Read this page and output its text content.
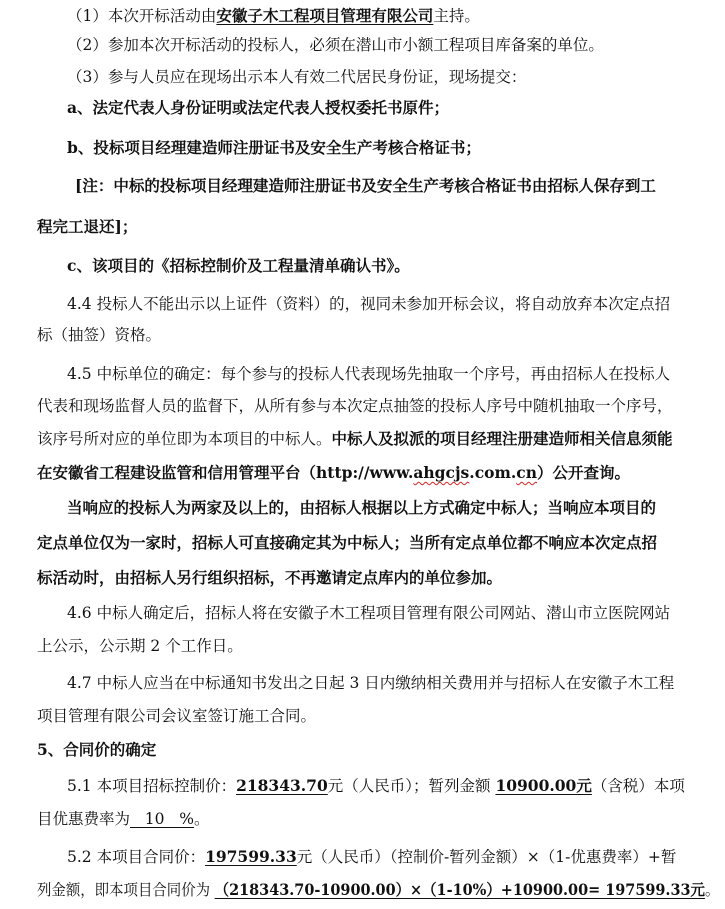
（1）本次开标活动由安徽子木工程项目管理有限公司主持。
（2）参加本次开标活动的投标人，必须在潜山市小额工程项目库备案的单位。
（3）参与人员应在现场出示本人有效二代居民身份证，现场提交：
a、法定代表人身份证明或法定代表人授权委托书原件；
b、投标项目经理建造师注册证书及安全生产考核合格证书；
[注：中标的投标项目经理建造师注册证书及安全生产考核合格证书由招标人保存到工
程完工退还]；
c、该项目的《招标控制价及工程量清单确认书》。
4.4 投标人不能出示以上证件（资料）的，视同未参加开标会议，将自动放弃本次定点招
标（抽签）资格。
4.5 中标单位的确定：每个参与的投标人代表现场先抽取一个序号，再由招标人在投标人
代表和现场监督人员的监督下，从所有参与本次定点抽签的投标人序号中随机抽取一个序号，
该序号所对应的单位即为本项目的中标人。中标人及拟派的项目经理注册建造师相关信息须能
在安徽省工程建设监管和信用管理平台（http://www.ahgcjs.com.cn）公开查询。
当响应的投标人为两家及以上的，由招标人根据以上方式确定中标人；当响应本项目的
定点单位仅为一家时，招标人可直接确定其为中标人；当所有定点单位都不响应本次定点招
标活动时，由招标人另行组织招标，不再邀请定点库内的单位参加。
4.6 中标人确定后，招标人将在安徽子木工程项目管理有限公司网站、潜山市立医院网站
上公示，公示期 2 个工作日。
4.7 中标人应当在中标通知书发出之日起 3 日内缴纳相关费用并与招标人在安徽子木工程
项目管理有限公司会议室签订施工合同。
5、合同价的确定
5.1 本项目招标控制价：218343.70元（人民币）；暂列金额 10900.00元（含税）本项
目优惠费率为   10   %。
5.2 本项目合同价：197599.33元（人民币）（控制价-暂列金额）×（1-优惠费率）+暂
列金额，即本项目合同价为 （218343.70-10900.00）×（1-10%）+10900.00= 197599.33元。
